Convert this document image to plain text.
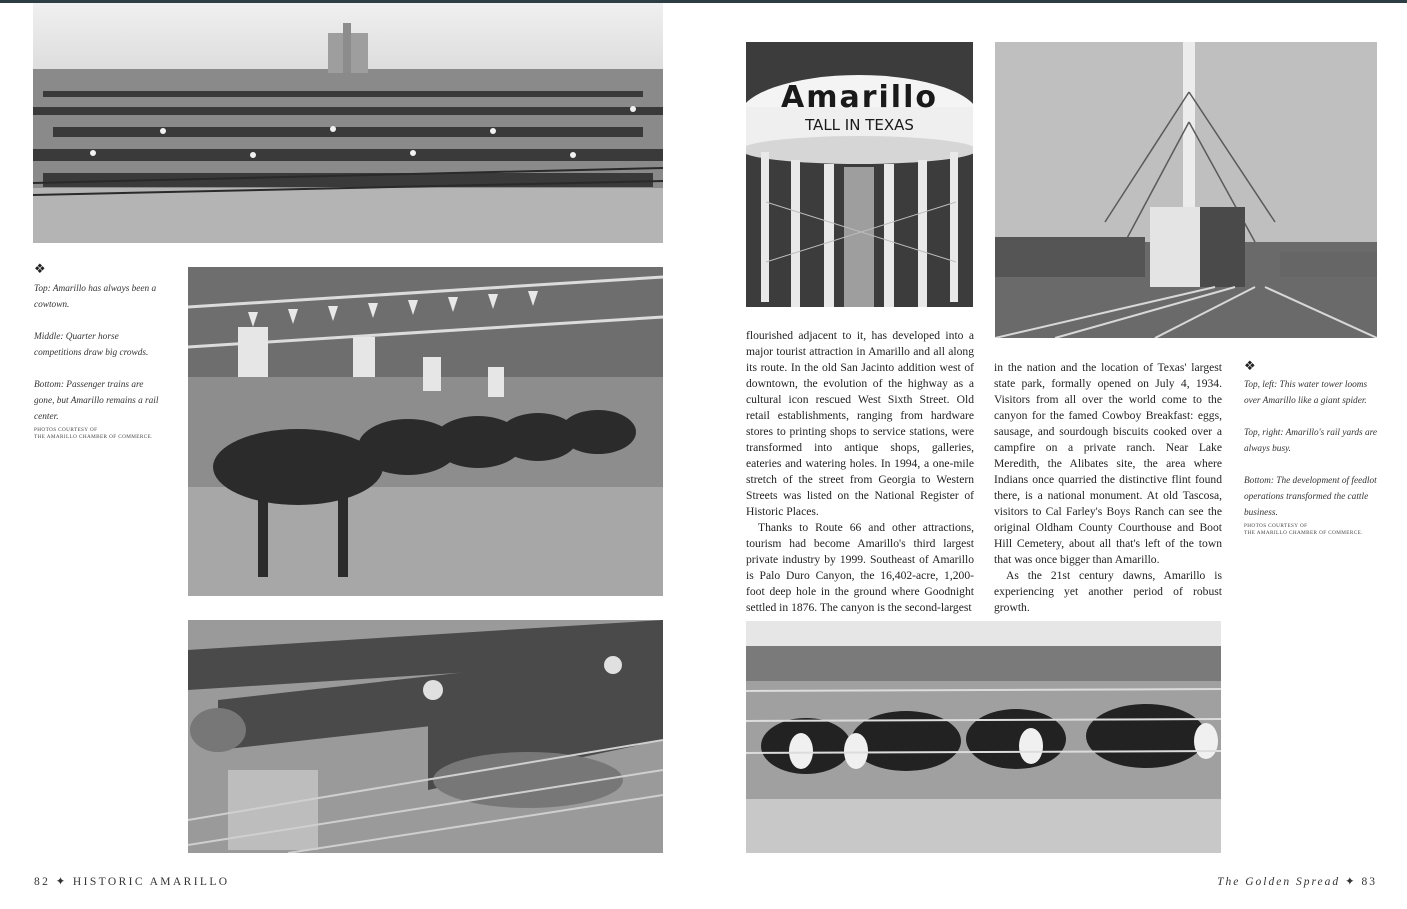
❖

Top: Amarillo has always been a cowtown.

Middle: Quarter horse competitions draw big crowds.

Bottom: Passenger trains are gone, but Amarillo remains a rail center.

PHOTOS COURTESY OF
THE AMARILLO CHAMBER OF COMMERCE.
82 ✦ HISTORIC AMARILLO
Amarillo
TALL IN TEXAS

flourished adjacent to it, has developed into a major tourist attraction in Amarillo and all along its route. In the old San Jacinto addition west of downtown, the evolution of the highway as a cultural icon rescued West Sixth Street. Old retail establishments, ranging from hardware stores to printing shops to service stations, were transformed into antique shops, galleries, eateries and watering holes. In 1994, a one-mile stretch of the street from Georgia to Western Streets was listed on the National Register of Historic Places.

Thanks to Route 66 and other attractions, tourism had become Amarillo's third largest private industry by 1999. Southeast of Amarillo is Palo Duro Canyon, the 16,402-acre, 1,200-foot deep hole in the ground where Goodnight settled in 1876. The canyon is the second-largest

in the nation and the location of Texas' largest state park, formally opened on July 4, 1934. Visitors from all over the world come to the canyon for the famed Cowboy Breakfast: eggs, sausage, and sourdough biscuits cooked over a campfire on a private ranch. Near Lake Meredith, the Alibates site, the area where Indians once quarried the distinctive flint found there, is a national monument. At old Tascosa, visitors to Cal Farley's Boys Ranch can see the original Oldham County Courthouse and Boot Hill Cemetery, about all that's left of the town that was once bigger than Amarillo.

As the 21st century dawns, Amarillo is experiencing yet another period of robust growth.

❖

Top, left: This water tower looms over Amarillo like a giant spider.

Top, right: Amarillo's rail yards are always busy.

Bottom: The development of feedlot operations transformed the cattle business.

PHOTOS COURTESY OF
THE AMARILLO CHAMBER OF COMMERCE.
The Golden Spread ✦ 83
